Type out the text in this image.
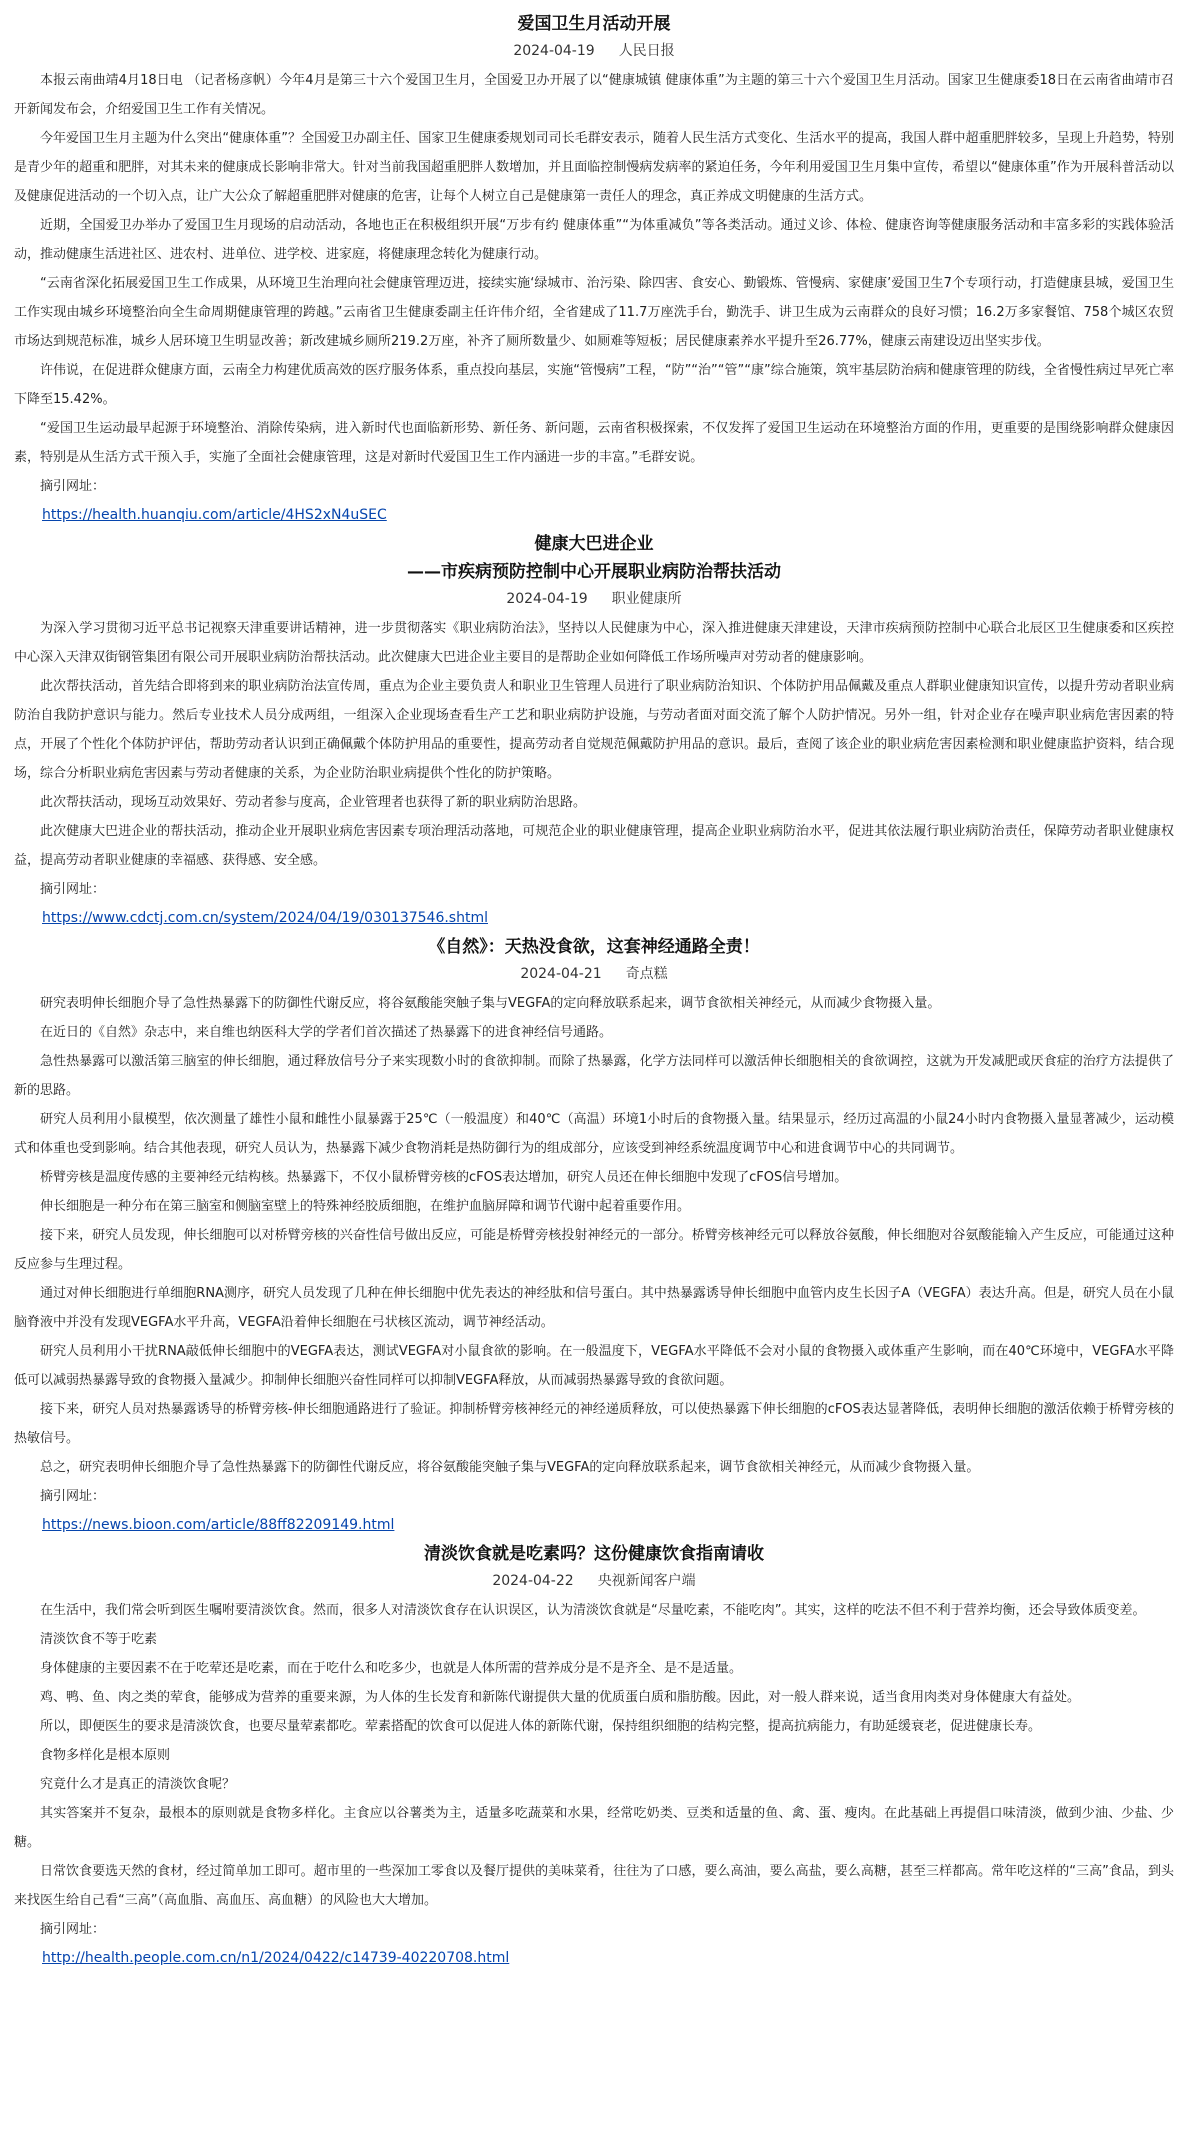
爱国卫生月活动开展
2024-04-19 人民日报

本报云南曲靖4月18日电 （记者杨彦帆）今年4月是第三十六个爱国卫生月，全国爱卫办开展了以“健康城镇 健康体重”为主题的第三十六个爱国卫生月活动。国家卫生健康委18日在云南省曲靖市召开新闻发布会，介绍爱国卫生工作有关情况。

今年爱国卫生月主题为什么突出“健康体重”？全国爱卫办副主任、国家卫生健康委规划司司长毛群安表示，随着人民生活方式变化、生活水平的提高，我国人群中超重肥胖较多，呈现上升趋势，特别是青少年的超重和肥胖，对其未来的健康成长影响非常大。针对当前我国超重肥胖人数增加，并且面临控制慢病发病率的紧迫任务，今年利用爱国卫生月集中宣传，希望以“健康体重”作为开展科普活动以及健康促进活动的一个切入点，让广大公众了解超重肥胖对健康的危害，让每个人树立自己是健康第一责任人的理念，真正养成文明健康的生活方式。

近期，全国爱卫办举办了爱国卫生月现场的启动活动，各地也正在积极组织开展“万步有约 健康体重”“为体重减负”等各类活动。通过义诊、体检、健康咨询等健康服务活动和丰富多彩的实践体验活动，推动健康生活进社区、进农村、进单位、进学校、进家庭，将健康理念转化为健康行动。

“云南省深化拓展爱国卫生工作成果，从环境卫生治理向社会健康管理迈进，接续实施‘绿城市、治污染、除四害、食安心、勤锻炼、管慢病、家健康’爱国卫生7个专项行动，打造健康县城，爱国卫生工作实现由城乡环境整治向全生命周期健康管理的跨越。”云南省卫生健康委副主任许伟介绍，全省建成了11.7万座洗手台，勤洗手、讲卫生成为云南群众的良好习惯；16.2万多家餐馆、758个城区农贸市场达到规范标准，城乡人居环境卫生明显改善；新改建城乡厕所219.2万座，补齐了厕所数量少、如厕难等短板；居民健康素养水平提升至26.77%，健康云南建设迈出坚实步伐。

许伟说，在促进群众健康方面，云南全力构建优质高效的医疗服务体系，重点投向基层，实施“管慢病”工程，“防”“治”“管”“康”综合施策，筑牢基层防治病和健康管理的防线，全省慢性病过早死亡率下降至15.42%。

“爱国卫生运动最早起源于环境整治、消除传染病，进入新时代也面临新形势、新任务、新问题，云南省积极探索，不仅发挥了爱国卫生运动在环境整治方面的作用，更重要的是围绕影响群众健康因素，特别是从生活方式干预入手，实施了全面社会健康管理，这是对新时代爱国卫生工作内涵进一步的丰富。”毛群安说。

摘引网址：

https://health.huanqiu.com/article/4HS2xN4uSEC
健康大巴进企业
——市疾病预防控制中心开展职业病防治帮扶活动
2024-04-19 职业健康所

为深入学习贯彻习近平总书记视察天津重要讲话精神，进一步贯彻落实《职业病防治法》，坚持以人民健康为中心，深入推进健康天津建设，天津市疾病预防控制中心联合北辰区卫生健康委和区疾控中心深入天津双街钢管集团有限公司开展职业病防治帮扶活动。此次健康大巴进企业主要目的是帮助企业如何降低工作场所噪声对劳动者的健康影响。

此次帮扶活动，首先结合即将到来的职业病防治法宣传周，重点为企业主要负责人和职业卫生管理人员进行了职业病防治知识、个体防护用品佩戴及重点人群职业健康知识宣传，以提升劳动者职业病防治自我防护意识与能力。然后专业技术人员分成两组，一组深入企业现场查看生产工艺和职业病防护设施，与劳动者面对面交流了解个人防护情况。另外一组，针对企业存在噪声职业病危害因素的特点，开展了个性化个体防护评估，帮助劳动者认识到正确佩戴个体防护用品的重要性，提高劳动者自觉规范佩戴防护用品的意识。最后，查阅了该企业的职业病危害因素检测和职业健康监护资料，结合现场，综合分析职业病危害因素与劳动者健康的关系，为企业防治职业病提供个性化的防护策略。

此次帮扶活动，现场互动效果好、劳动者参与度高，企业管理者也获得了新的职业病防治思路。

此次健康大巴进企业的帮扶活动，推动企业开展职业病危害因素专项治理活动落地，可规范企业的职业健康管理，提高企业职业病防治水平，促进其依法履行职业病防治责任，保障劳动者职业健康权益，提高劳动者职业健康的幸福感、获得感、安全感。

摘引网址：

https://www.cdctj.com.cn/system/2024/04/19/030137546.shtml
《自然》：天热没食欲，这套神经通路全责！
2024-04-21 奇点糕

研究表明伸长细胞介导了急性热暴露下的防御性代谢反应，将谷氨酸能突触子集与VEGFA的定向释放联系起来，调节食欲相关神经元，从而减少食物摄入量。

在近日的《自然》杂志中，来自维也纳医科大学的学者们首次描述了热暴露下的进食神经信号通路。

急性热暴露可以激活第三脑室的伸长细胞，通过释放信号分子来实现数小时的食欲抑制。而除了热暴露，化学方法同样可以激活伸长细胞相关的食欲调控，这就为开发减肥或厌食症的治疗方法提供了新的思路。

研究人员利用小鼠模型，依次测量了雄性小鼠和雌性小鼠暴露于25℃（一般温度）和40℃（高温）环境1小时后的食物摄入量。结果显示，经历过高温的小鼠24小时内食物摄入量显著减少，运动模式和体重也受到影响。结合其他表现，研究人员认为，热暴露下减少食物消耗是热防御行为的组成部分，应该受到神经系统温度调节中心和进食调节中心的共同调节。

桥臂旁核是温度传感的主要神经元结构核。热暴露下，不仅小鼠桥臂旁核的cFOS表达增加，研究人员还在伸长细胞中发现了cFOS信号增加。

伸长细胞是一种分布在第三脑室和侧脑室壁上的特殊神经胶质细胞，在维护血脑屏障和调节代谢中起着重要作用。

接下来，研究人员发现，伸长细胞可以对桥臂旁核的兴奋性信号做出反应，可能是桥臂旁核投射神经元的一部分。桥臂旁核神经元可以释放谷氨酸，伸长细胞对谷氨酸能输入产生反应，可能通过这种反应参与生理过程。

通过对伸长细胞进行单细胞RNA测序，研究人员发现了几种在伸长细胞中优先表达的神经肽和信号蛋白。其中热暴露诱导伸长细胞中血管内皮生长因子A（VEGFA）表达升高。但是，研究人员在小鼠脑脊液中并没有发现VEGFA水平升高，VEGFA沿着伸长细胞在弓状核区流动，调节神经活动。

研究人员利用小干扰RNA敲低伸长细胞中的VEGFA表达，测试VEGFA对小鼠食欲的影响。在一般温度下，VEGFA水平降低不会对小鼠的食物摄入或体重产生影响，而在40℃环境中，VEGFA水平降低可以减弱热暴露导致的食物摄入量减少。抑制伸长细胞兴奋性同样可以抑制VEGFA释放，从而减弱热暴露导致的食欲问题。

接下来，研究人员对热暴露诱导的桥臂旁核-伸长细胞通路进行了验证。抑制桥臂旁核神经元的神经递质释放，可以使热暴露下伸长细胞的cFOS表达显著降低，表明伸长细胞的激活依赖于桥臂旁核的热敏信号。

总之，研究表明伸长细胞介导了急性热暴露下的防御性代谢反应，将谷氨酸能突触子集与VEGFA的定向释放联系起来，调节食欲相关神经元，从而减少食物摄入量。

摘引网址：

https://news.bioon.com/article/88ff82209149.html
清淡饮食就是吃素吗？这份健康饮食指南请收
2024-04-22 央视新闻客户端

在生活中，我们常会听到医生嘱咐要清淡饮食。然而，很多人对清淡饮食存在认识误区，认为清淡饮食就是“尽量吃素，不能吃肉”。其实，这样的吃法不但不利于营养均衡，还会导致体质变差。

清淡饮食不等于吃素

身体健康的主要因素不在于吃荤还是吃素，而在于吃什么和吃多少，也就是人体所需的营养成分是不是齐全、是不是适量。

鸡、鸭、鱼、肉之类的荤食，能够成为营养的重要来源，为人体的生长发育和新陈代谢提供大量的优质蛋白质和脂肪酸。因此，对一般人群来说，适当食用肉类对身体健康大有益处。

所以，即便医生的要求是清淡饮食，也要尽量荤素都吃。荤素搭配的饮食可以促进人体的新陈代谢，保持组织细胞的结构完整，提高抗病能力，有助延缓衰老，促进健康长寿。

食物多样化是根本原则

究竟什么才是真正的清淡饮食呢？

其实答案并不复杂，最根本的原则就是食物多样化。主食应以谷薯类为主，适量多吃蔬菜和水果，经常吃奶类、豆类和适量的鱼、禽、蛋、瘦肉。在此基础上再提倡口味清淡，做到少油、少盐、少糖。

日常饮食要选天然的食材，经过简单加工即可。超市里的一些深加工零食以及餐厅提供的美味菜肴，往往为了口感，要么高油，要么高盐，要么高糖，甚至三样都高。常年吃这样的“三高”食品，到头来找医生给自己看“三高”（高血脂、高血压、高血糖）的风险也大大增加。

摘引网址：

http://health.people.com.cn/n1/2024/0422/c14739-40220708.html
